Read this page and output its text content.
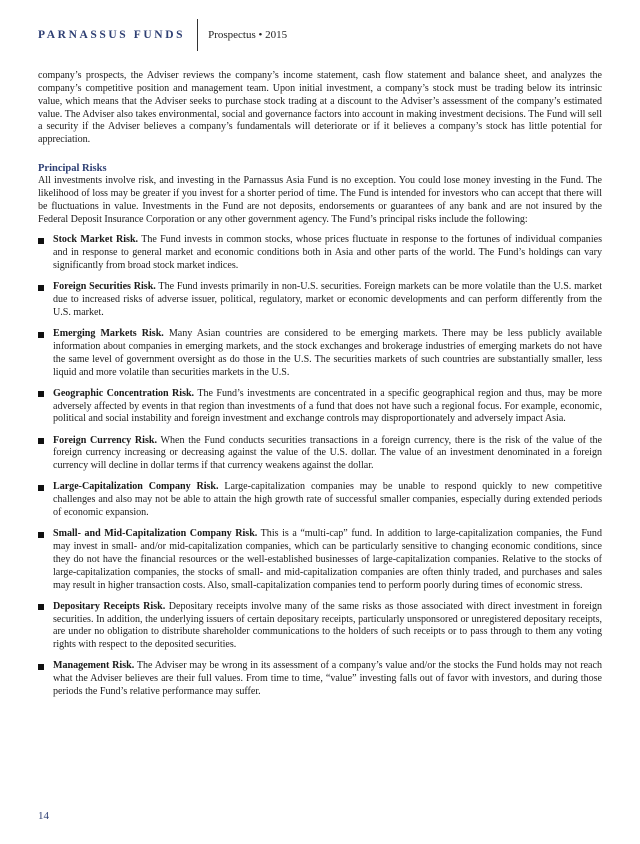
PARNASSUS FUNDS Prospectus • 2015

company’s prospects, the Adviser reviews the company’s income statement, cash flow statement and balance sheet, and analyzes the company’s competitive position and management team. Upon initial investment, a company’s stock must be trading below its intrinsic value, which means that the Adviser seeks to purchase stock trading at a discount to the Adviser’s assessment of the company’s estimated value. The Adviser also takes environmental, social and governance factors into account in making investment decisions. The Fund will sell a security if the Adviser believes a company’s fundamentals will deteriorate or if it believes a company’s stock has little potential for appreciation.

Principal Risks

All investments involve risk, and investing in the Parnassus Asia Fund is no exception. You could lose money investing in the Fund. The likelihood of loss may be greater if you invest for a shorter period of time. The Fund is intended for investors who can accept that there will be fluctuations in value. Investments in the Fund are not deposits, endorsements or guarantees of any bank and are not insured by the Federal Deposit Insurance Corporation or any other government agency. The Fund’s principal risks include the following:

Stock Market Risk. The Fund invests in common stocks, whose prices fluctuate in response to the fortunes of individual companies and in response to general market and economic conditions both in Asia and other parts of the world. The Fund’s holdings can vary significantly from broad stock market indices.
Foreign Securities Risk. The Fund invests primarily in non-U.S. securities. Foreign markets can be more volatile than the U.S. market due to increased risks of adverse issuer, political, regulatory, market or economic developments and can perform differently from the U.S. market.
Emerging Markets Risk. Many Asian countries are considered to be emerging markets. There may be less publicly available information about companies in emerging markets, and the stock exchanges and brokerage industries of emerging markets do not have the same level of government oversight as do those in the U.S. The securities markets of such countries are substantially smaller, less liquid and more volatile than securities markets in the U.S.
Geographic Concentration Risk. The Fund’s investments are concentrated in a specific geographical region and thus, may be more adversely affected by events in that region than investments of a fund that does not have such a regional focus. For example, economic, political and social instability and foreign investment and exchange controls may disproportionately and adversely impact Asia.
Foreign Currency Risk. When the Fund conducts securities transactions in a foreign currency, there is the risk of the value of the foreign currency increasing or decreasing against the value of the U.S. dollar. The value of an investment denominated in a foreign currency will decline in dollar terms if that currency weakens against the dollar.
Large-Capitalization Company Risk. Large-capitalization companies may be unable to respond quickly to new competitive challenges and also may not be able to attain the high growth rate of successful smaller companies, especially during extended periods of economic expansion.
Small- and Mid-Capitalization Company Risk. This is a “multi-cap” fund. In addition to large-capitalization companies, the Fund may invest in small- and/or mid-capitalization companies, which can be particularly sensitive to changing economic conditions, since they do not have the financial resources or the well-established businesses of large-capitalization companies. Relative to the stocks of large-capitalization companies, the stocks of small- and mid-capitalization companies are often thinly traded, and purchases and sales may result in higher transaction costs. Also, small-capitalization companies tend to perform poorly during times of economic stress.
Depositary Receipts Risk. Depositary receipts involve many of the same risks as those associated with direct investment in foreign securities. In addition, the underlying issuers of certain depositary receipts, particularly unsponsored or unregistered depositary receipts, are under no obligation to distribute shareholder communications to the holders of such receipts or to pass through to them any voting rights with respect to the deposited securities.
Management Risk. The Adviser may be wrong in its assessment of a company’s value and/or the stocks the Fund holds may not reach what the Adviser believes are their full values. From time to time, “value” investing falls out of favor with investors, and during those periods the Fund’s relative performance may suffer.
14
